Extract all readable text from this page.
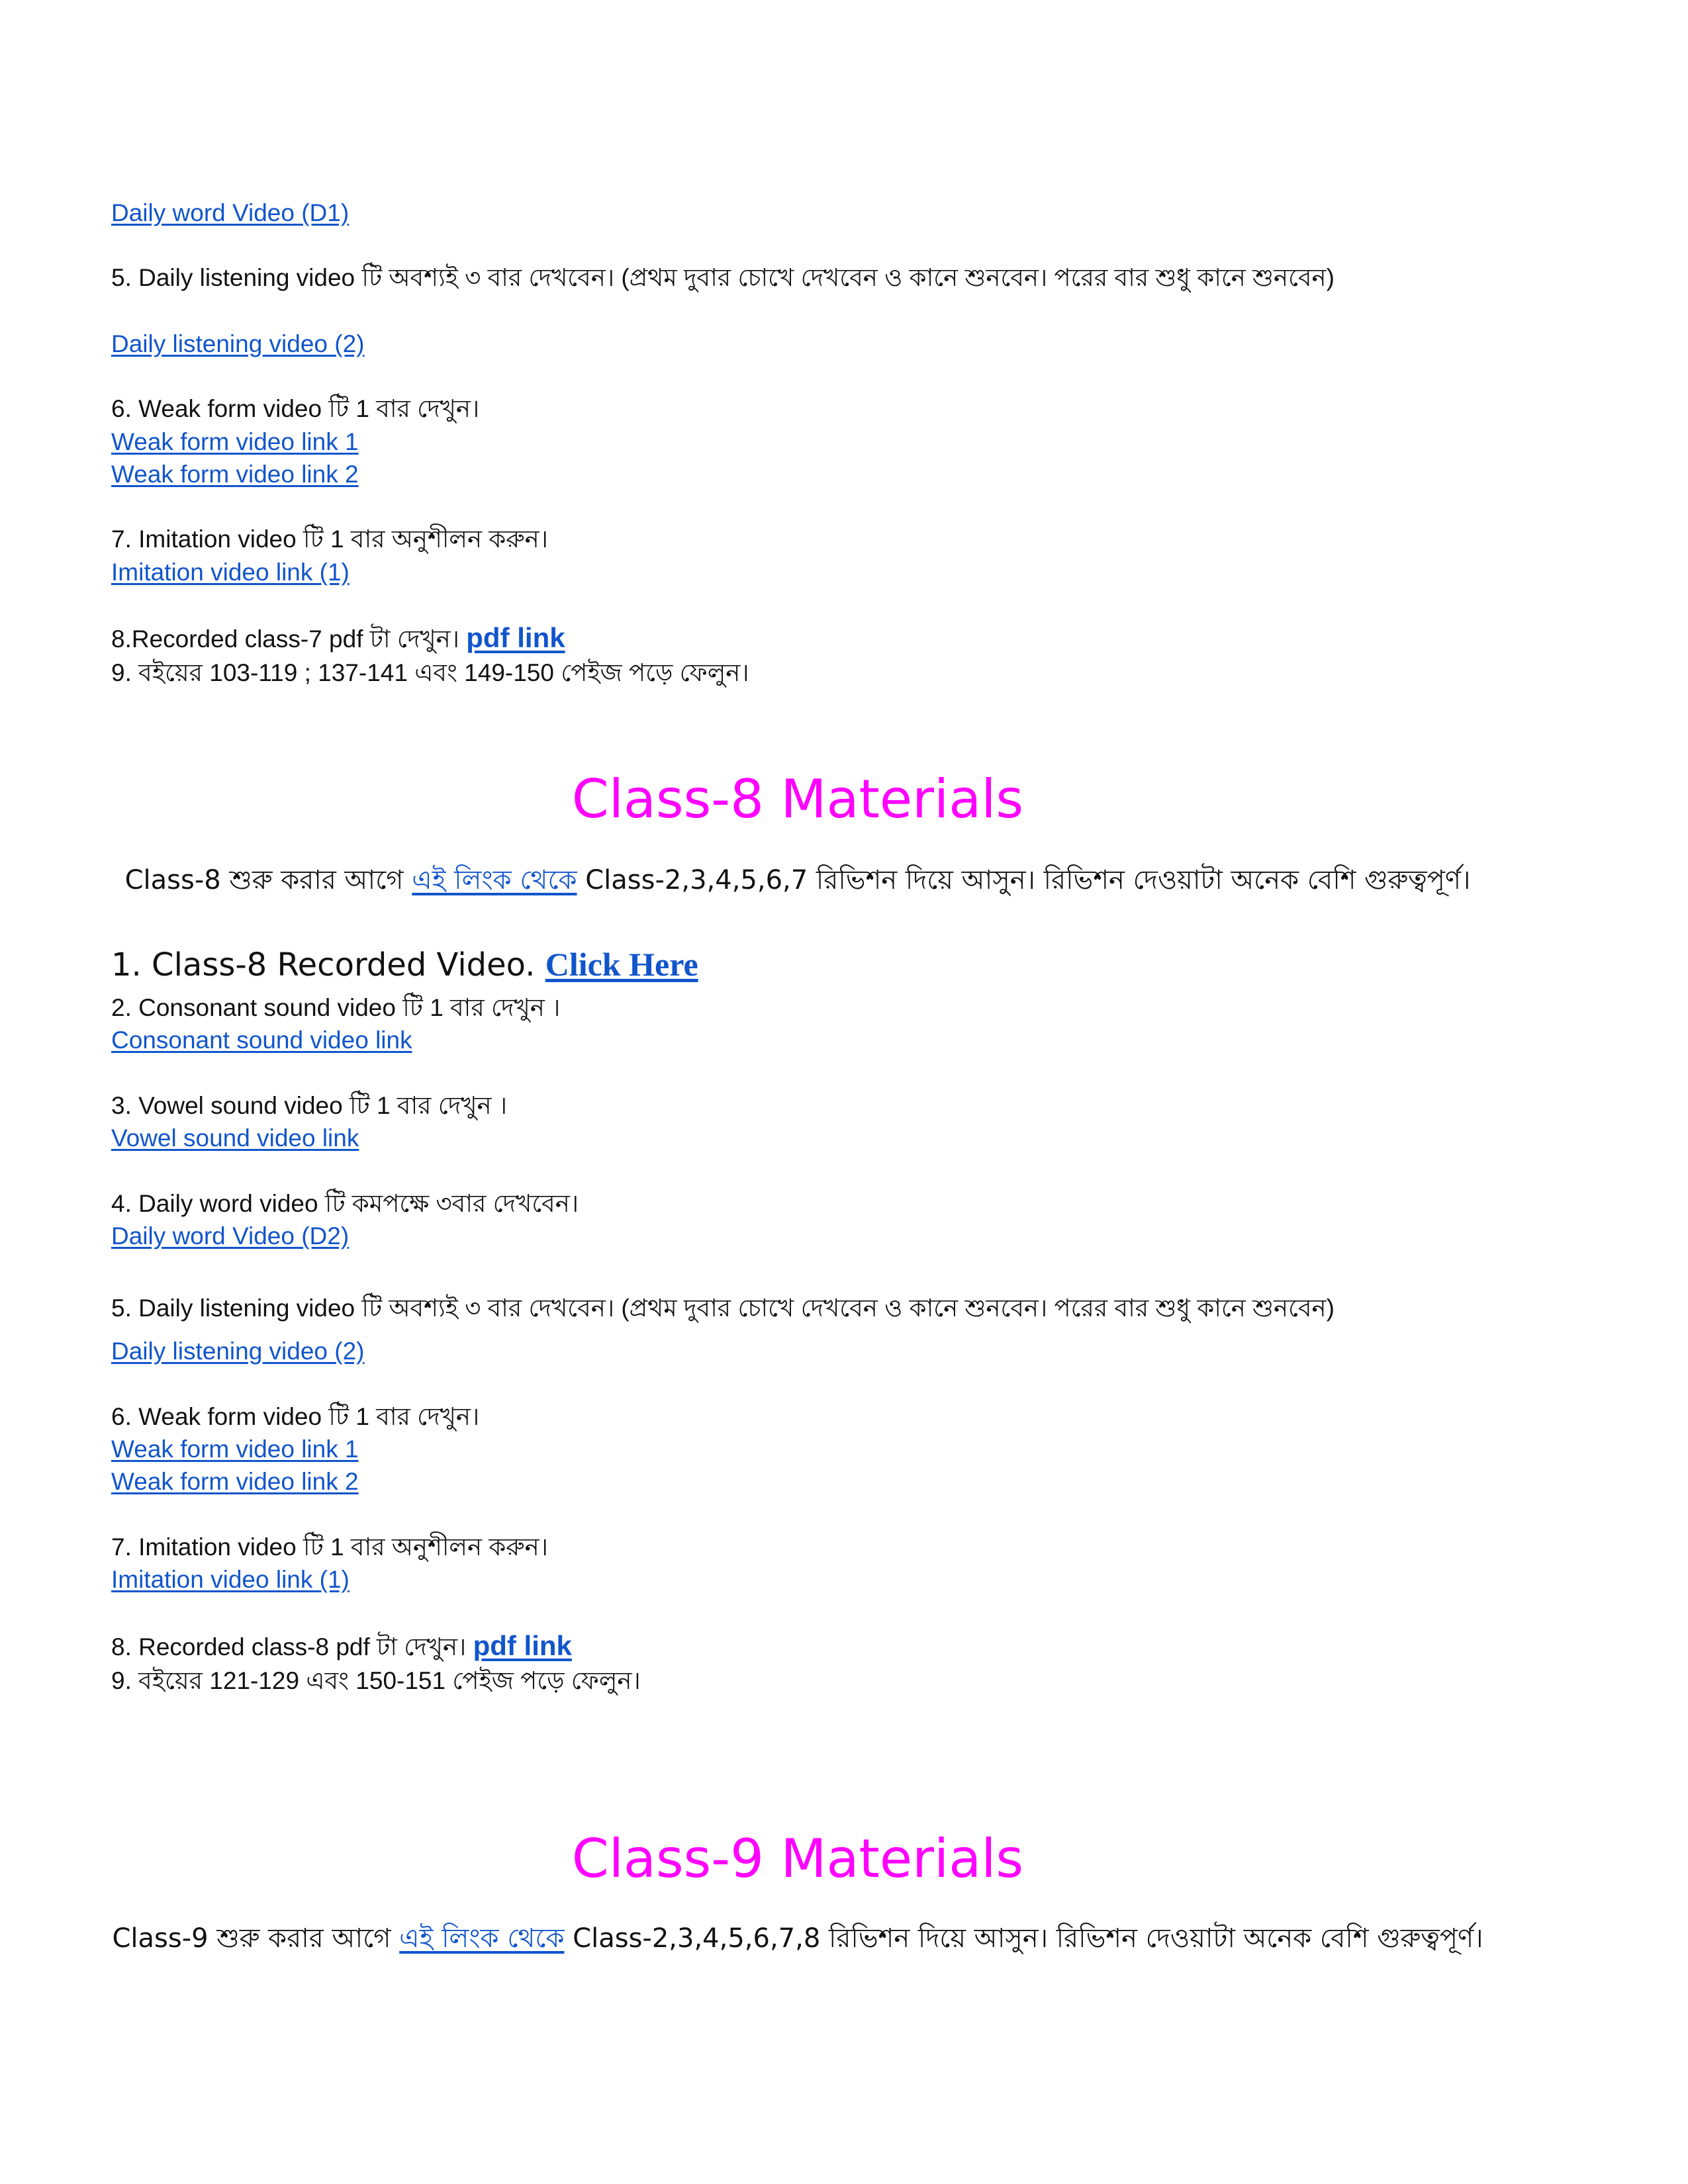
Daily word Video (D1)
5. Daily listening video টি অবশ্যই ৩ বার দেখবেন। (প্রথম দুবার চোখে দেখবেন ও কানে শুনবেন। পরের বার শুধু কানে শুনবেন)
Daily listening video (2)
6. Weak form video টি 1 বার দেখুন।
Weak form video link 1
Weak form video link 2
7. Imitation video টি 1 বার অনুশীলন করুন।
Imitation video link (1)
8.Recorded class-7 pdf টা দেখুন। pdf link
9. বইয়ের 103-119 ; 137-141 এবং 149-150 পেইজ পড়ে ফেলুন।
Class-8 Materials
Class-8 শুরু করার আগে এই লিংক থেকে Class-2,3,4,5,6,7 রিভিশন দিয়ে আসুন। রিভিশন দেওয়াটা অনেক বেশি গুরুত্বপূর্ণ।
1. Class-8 Recorded Video. Click Here
2. Consonant sound video টি 1 বার দেখুন ।
Consonant sound video link
3. Vowel sound video টি 1 বার দেখুন ।
Vowel sound video link
4. Daily word video টি কমপক্ষে ৩বার দেখবেন।
Daily word Video (D2)
5. Daily listening video টি অবশ্যই ৩ বার দেখবেন। (প্রথম দুবার চোখে দেখবেন ও কানে শুনবেন। পরের বার শুধু কানে শুনবেন)
Daily listening video (2)
6. Weak form video টি 1 বার দেখুন।
Weak form video link 1
Weak form video link 2
7. Imitation video টি 1 বার অনুশীলন করুন।
Imitation video link (1)
8. Recorded class-8 pdf টা দেখুন। pdf link
9. বইয়ের 121-129 এবং 150-151 পেইজ পড়ে ফেলুন।
Class-9 Materials
Class-9 শুরু করার আগে এই লিংক থেকে Class-2,3,4,5,6,7,8 রিভিশন দিয়ে আসুন। রিভিশন দেওয়াটা অনেক বেশি গুরুত্বপূর্ণ।
